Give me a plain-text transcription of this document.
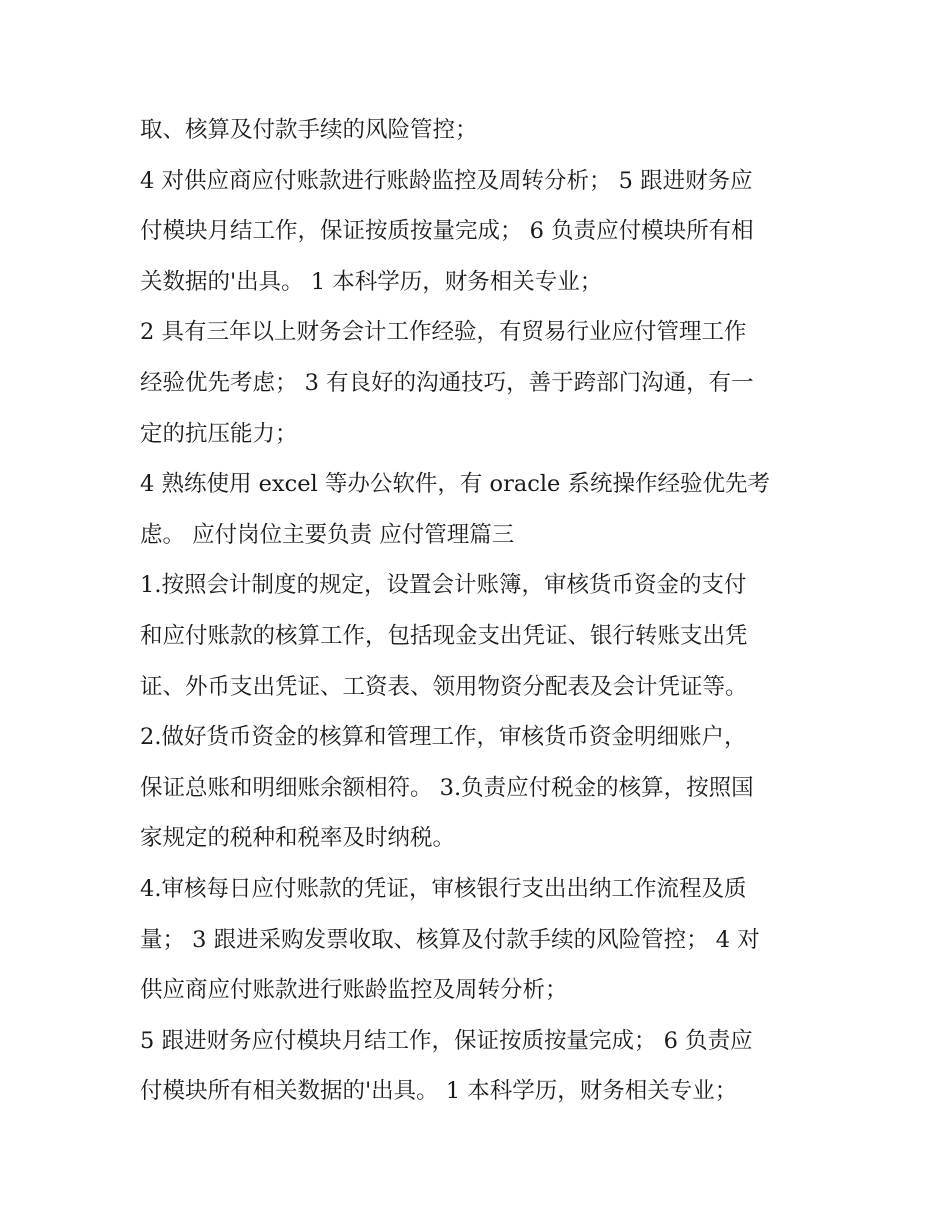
取、核算及付款手续的风险管控；
4 对供应商应付账款进行账龄监控及周转分析； 5 跟进财务应
付模块月结工作，保证按质按量完成； 6 负责应付模块所有相
关数据的'出具。 1 本科学历，财务相关专业；
2 具有三年以上财务会计工作经验，有贸易行业应付管理工作
经验优先考虑； 3 有良好的沟通技巧，善于跨部门沟通，有一
定的抗压能力；
4 熟练使用 excel 等办公软件，有 oracle 系统操作经验优先考
虑。 应付岗位主要负责 应付管理篇三
1.按照会计制度的规定，设置会计账簿，审核货币资金的支付
和应付账款的核算工作，包括现金支出凭证、银行转账支出凭
证、外币支出凭证、工资表、领用物资分配表及会计凭证等。
2.做好货币资金的核算和管理工作，审核货币资金明细账户，
保证总账和明细账余额相符。 3.负责应付税金的核算，按照国
家规定的税种和税率及时纳税。
4.审核每日应付账款的凭证，审核银行支出出纳工作流程及质
量； 3 跟进采购发票收取、核算及付款手续的风险管控； 4 对
供应商应付账款进行账龄监控及周转分析；
5 跟进财务应付模块月结工作，保证按质按量完成； 6 负责应
付模块所有相关数据的'出具。 1 本科学历，财务相关专业；
